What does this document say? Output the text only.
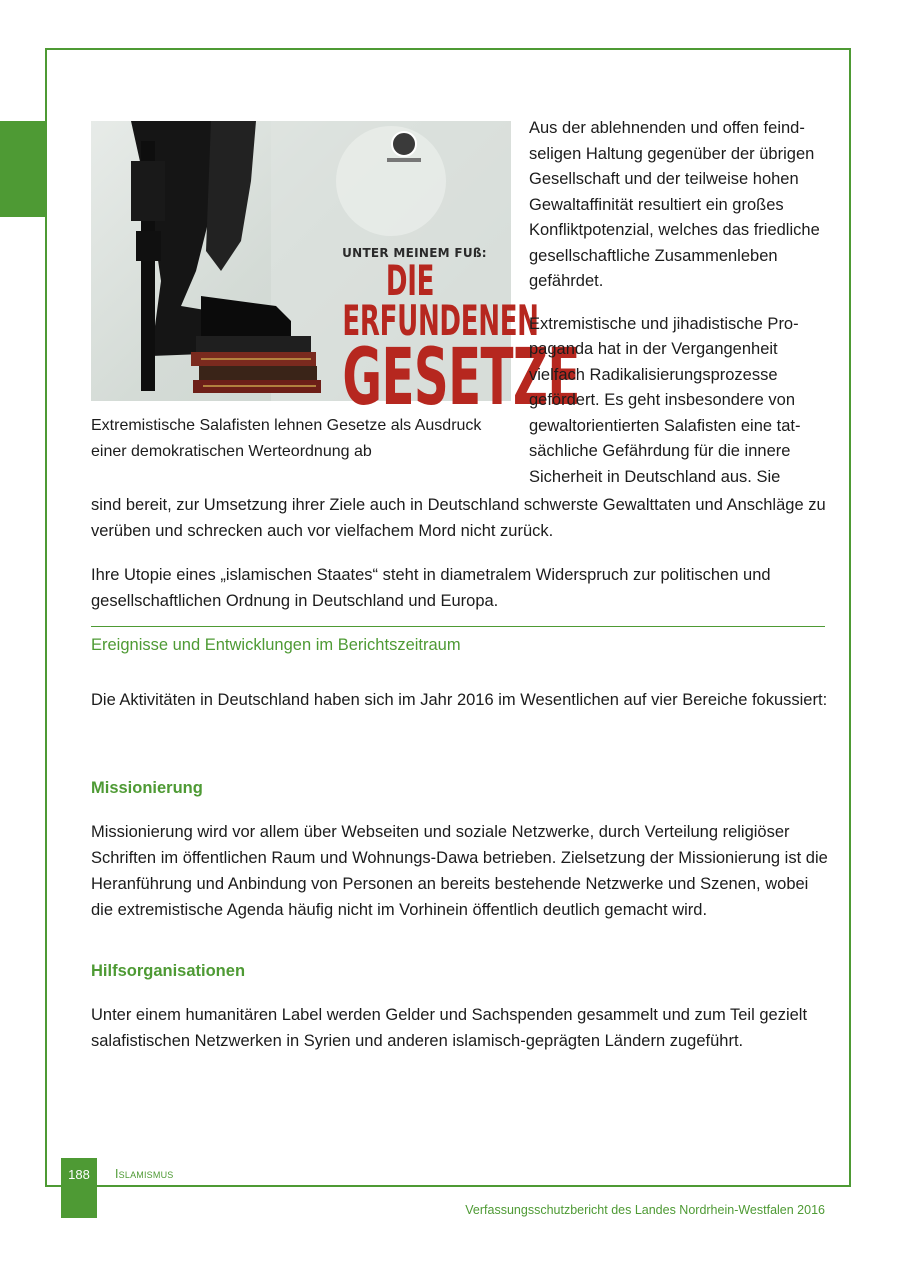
UNTER MEINEM FUß:
DIE ERFUNDENEN
GESETZE
Extremistische Salafisten lehnen Gesetze als Ausdruck einer demokratischen Werteordnung ab

Aus der ablehnenden und offen feindseligen Haltung gegenüber der übrigen Gesellschaft und der teilweise hohen Gewaltaffinität resultiert ein großes Konfliktpotenzial, welches das friedliche gesellschaftliche Zusammenleben gefährdet.

Extremistische und jihadistische Propaganda hat in der Vergangenheit vielfach Radikalisierungsprozesse gefördert. Es geht insbesondere von gewaltorientierten Salafisten eine tatsächliche Gefährdung für die innere Sicherheit in Deutschland aus. Sie

sind bereit, zur Umsetzung ihrer Ziele auch in Deutschland schwerste Gewalttaten und Anschläge zu verüben und schrecken auch vor vielfachem Mord nicht zurück.

Ihre Utopie eines „islamischen Staates“ steht in diametralem Widerspruch zur politischen und gesellschaftlichen Ordnung in Deutschland und Europa.

Ereignisse und Entwicklungen im Berichtszeitraum

Die Aktivitäten in Deutschland haben sich im Jahr 2016 im Wesentlichen auf vier Bereiche fokussiert:

Missionierung

Missionierung wird vor allem über Webseiten und soziale Netzwerke, durch Verteilung religiöser Schriften im öffentlichen Raum und Wohnungs-Dawa betrieben. Zielsetzung der Missionierung ist die Heranführung und Anbindung von Personen an bereits bestehende Netzwerke und Szenen, wobei die extremistische Agenda häufig nicht im Vorhinein öffentlich deutlich gemacht wird.

Hilfsorganisationen

Unter einem humanitären Label werden Gelder und Sachspenden gesammelt und zum Teil gezielt salafistischen Netzwerken in Syrien und anderen islamisch-geprägten Ländern zugeführt.

188	Islamismus
Verfassungsschutzbericht des Landes Nordrhein-Westfalen 2016
